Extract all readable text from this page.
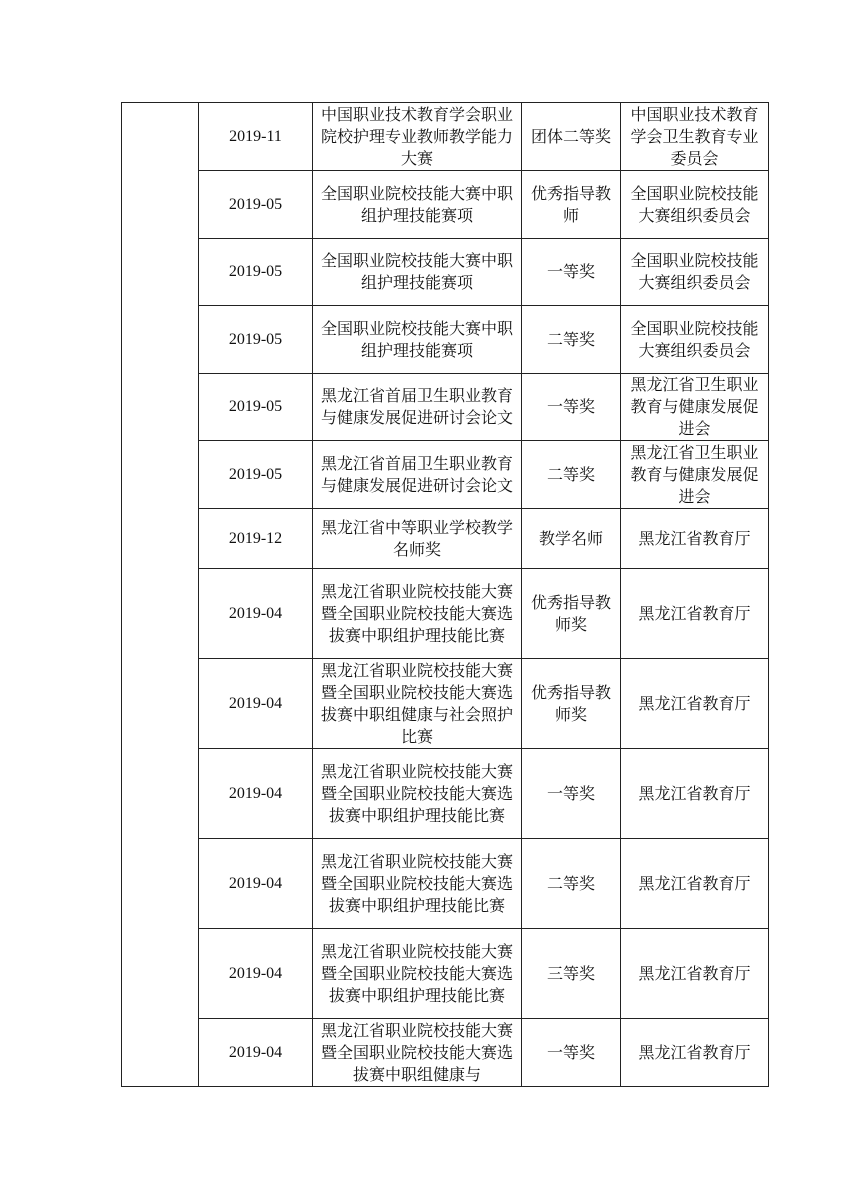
	2019-11	中国职业技术教育学会职业院校护理专业教师教学能力大赛	团体二等奖	中国职业技术教育学会卫生教育专业委员会
	2019-05	全国职业院校技能大赛中职组护理技能赛项	优秀指导教师	全国职业院校技能大赛组织委员会
	2019-05	全国职业院校技能大赛中职组护理技能赛项	一等奖	全国职业院校技能大赛组织委员会
	2019-05	全国职业院校技能大赛中职组护理技能赛项	二等奖	全国职业院校技能大赛组织委员会
	2019-05	黑龙江省首届卫生职业教育与健康发展促进研讨会论文	一等奖	黑龙江省卫生职业教育与健康发展促进会
	2019-05	黑龙江省首届卫生职业教育与健康发展促进研讨会论文	二等奖	黑龙江省卫生职业教育与健康发展促进会
	2019-12	黑龙江省中等职业学校教学名师奖	教学名师	黑龙江省教育厅
	2019-04	黑龙江省职业院校技能大赛暨全国职业院校技能大赛选拔赛中职组护理技能比赛	优秀指导教师奖	黑龙江省教育厅
	2019-04	黑龙江省职业院校技能大赛暨全国职业院校技能大赛选拔赛中职组健康与社会照护比赛	优秀指导教师奖	黑龙江省教育厅
	2019-04	黑龙江省职业院校技能大赛暨全国职业院校技能大赛选拔赛中职组护理技能比赛	一等奖	黑龙江省教育厅
	2019-04	黑龙江省职业院校技能大赛暨全国职业院校技能大赛选拔赛中职组护理技能比赛	二等奖	黑龙江省教育厅
	2019-04	黑龙江省职业院校技能大赛暨全国职业院校技能大赛选拔赛中职组护理技能比赛	三等奖	黑龙江省教育厅
	2019-04	黑龙江省职业院校技能大赛暨全国职业院校技能大赛选拔赛中职组健康与	一等奖	黑龙江省教育厅
